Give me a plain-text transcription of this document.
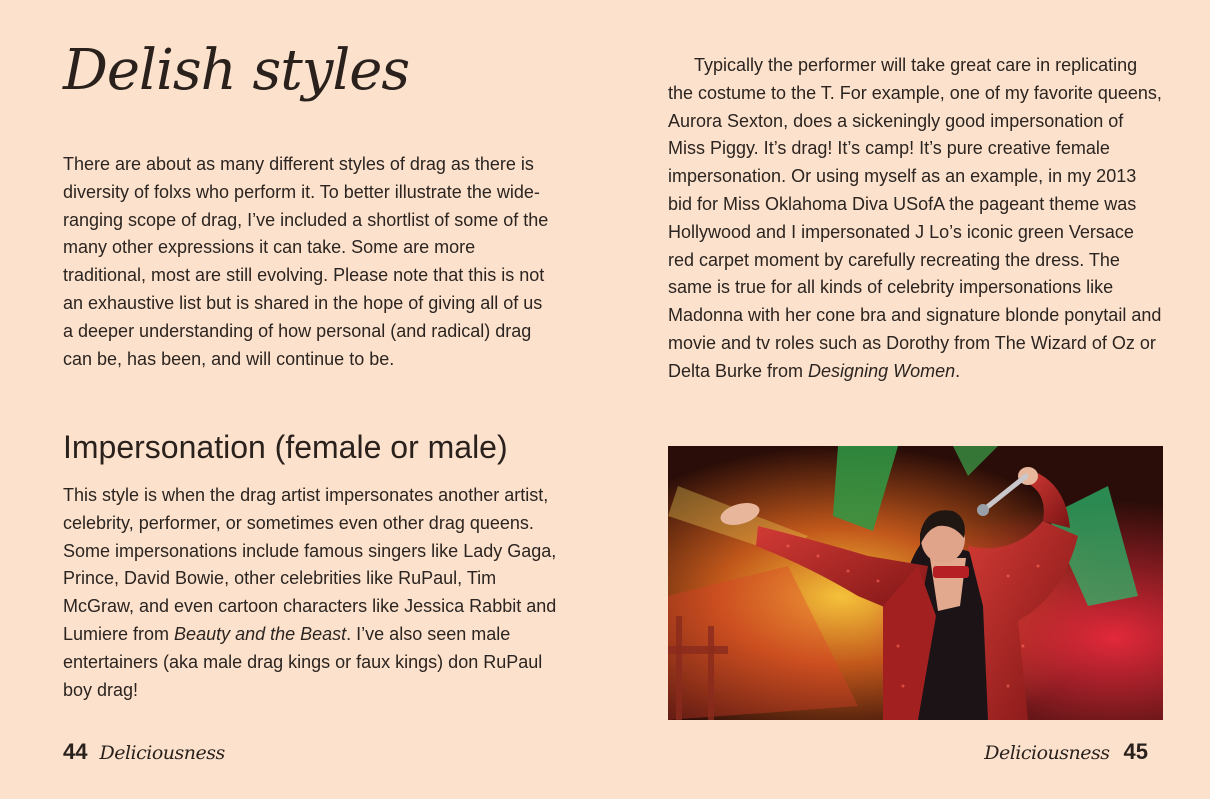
Delish styles

There are about as many different styles of drag as there is diversity of folxs who perform it. To better illustrate the wide-ranging scope of drag, I’ve included a shortlist of some of the many other expressions it can take. Some are more traditional, most are still evolving. Please note that this is not an exhaustive list but is shared in the hope of giving all of us a deeper understanding of how personal (and radical) drag can be, has been, and will continue to be.

Impersonation (female or male)

This style is when the drag artist impersonates another artist, celebrity, performer, or sometimes even other drag queens. Some impersonations include famous singers like Lady Gaga, Prince, David Bowie, other celebrities like RuPaul, Tim McGraw, and even cartoon characters like Jessica Rabbit and Lumiere from Beauty and the Beast. I’ve also seen male entertainers (aka male drag kings or faux kings) don RuPaul boy drag!

44 Deliciousness

Typically the performer will take great care in replicating the costume to the T. For example, one of my favorite queens, Aurora Sexton, does a sickeningly good impersonation of Miss Piggy. It’s drag! It’s camp! It’s pure creative female impersonation. Or using myself as an example, in my 2013 bid for Miss Oklahoma Diva USofA the pageant theme was Hollywood and I impersonated J Lo’s iconic green Versace red carpet moment by carefully recreating the dress. The same is true for all kinds of celebrity impersonations like Madonna with her cone bra and signature blonde ponytail and movie and tv roles such as Dorothy from The Wizard of Oz or Delta Burke from Designing Women.

Deliciousness 45
